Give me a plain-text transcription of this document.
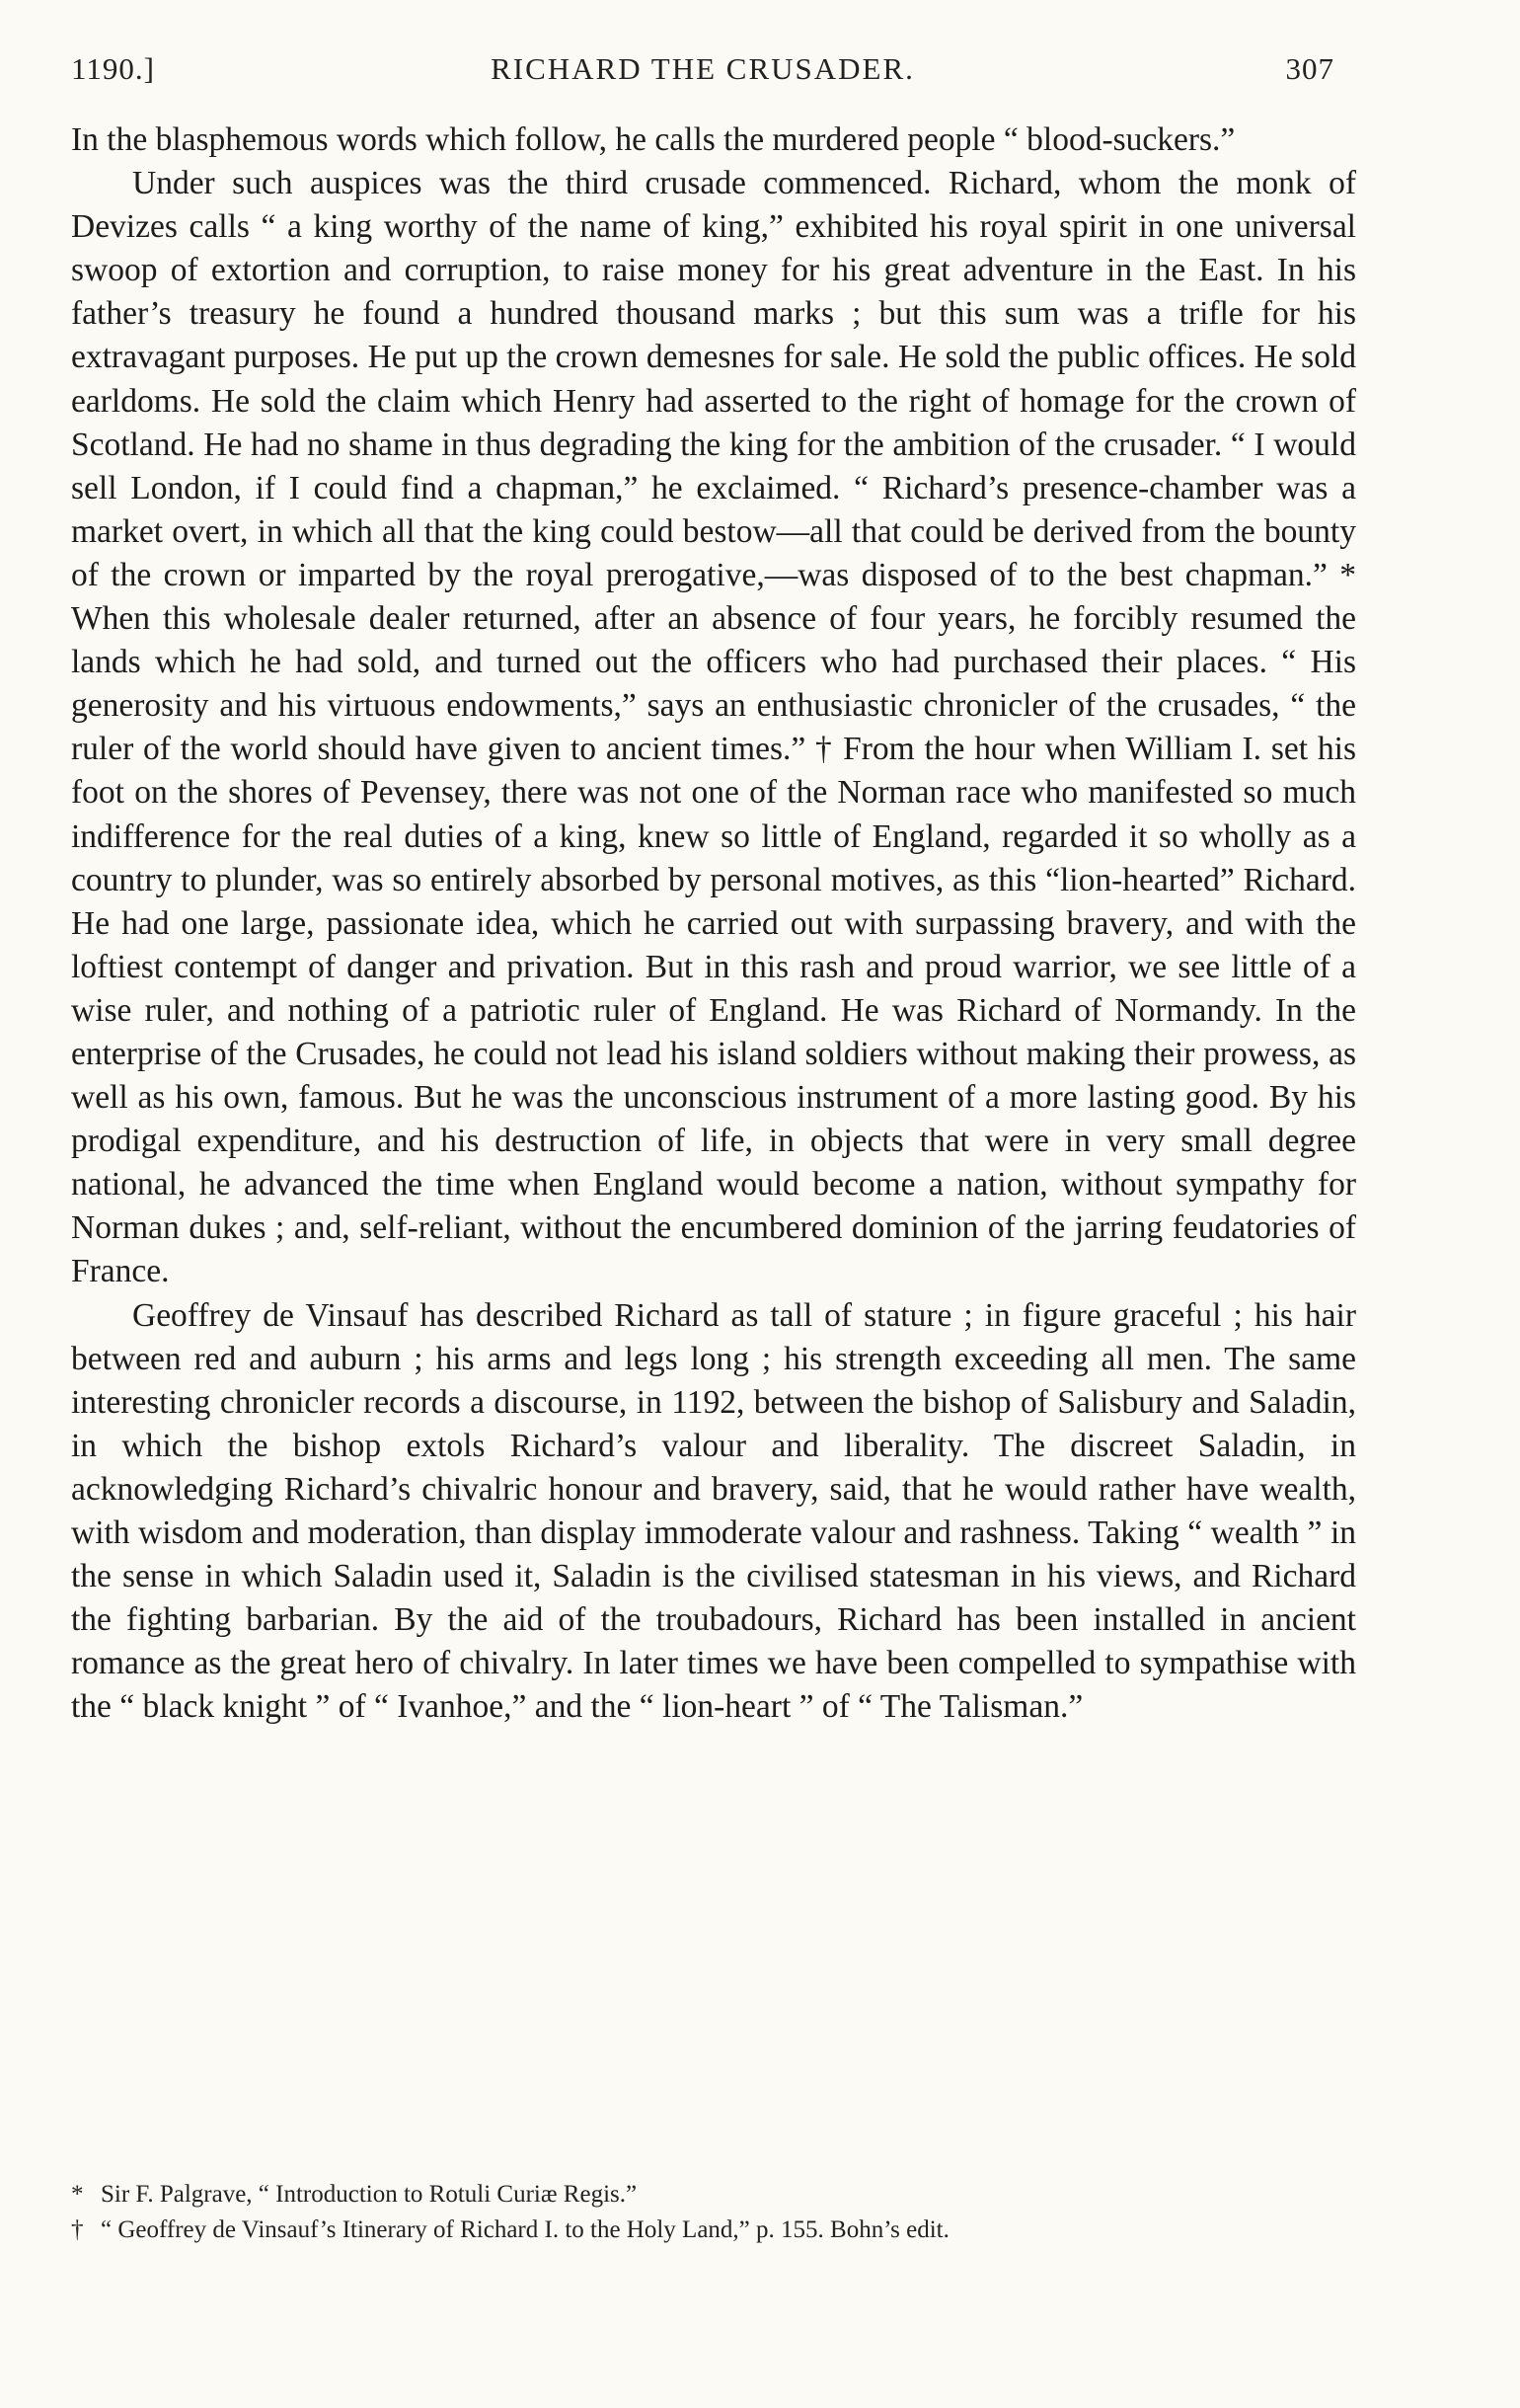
1190.]	RICHARD THE CRUSADER.	307

In the blasphemous words which follow, he calls the murdered people “ blood-suckers.”

Under such auspices was the third crusade commenced. Richard, whom the monk of Devizes calls “ a king worthy of the name of king,” exhibited his royal spirit in one universal swoop of extortion and corruption, to raise money for his great adventure in the East. In his father’s treasury he found a hundred thousand marks ; but this sum was a trifle for his extravagant purposes. He put up the crown demesnes for sale. He sold the public offices. He sold earldoms. He sold the claim which Henry had asserted to the right of homage for the crown of Scotland. He had no shame in thus degrading the king for the ambition of the crusader. “ I would sell London, if I could find a chapman,” he exclaimed. “ Richard’s presence-chamber was a market overt, in which all that the king could bestow—all that could be derived from the bounty of the crown or imparted by the royal prerogative,—was disposed of to the best chapman.” * When this wholesale dealer returned, after an absence of four years, he forcibly resumed the lands which he had sold, and turned out the officers who had purchased their places. “ His generosity and his virtuous endowments,” says an enthusiastic chronicler of the crusades, “ the ruler of the world should have given to ancient times.” † From the hour when William I. set his foot on the shores of Pevensey, there was not one of the Norman race who manifested so much indifference for the real duties of a king, knew so little of England, regarded it so wholly as a country to plunder, was so entirely absorbed by personal motives, as this “lion-hearted” Richard. He had one large, passionate idea, which he carried out with surpassing bravery, and with the loftiest contempt of danger and privation. But in this rash and proud warrior, we see little of a wise ruler, and nothing of a patriotic ruler of England. He was Richard of Normandy. In the enterprise of the Crusades, he could not lead his island soldiers without making their prowess, as well as his own, famous. But he was the unconscious instrument of a more lasting good. By his prodigal expenditure, and his destruction of life, in objects that were in very small degree national, he advanced the time when England would become a nation, without sympathy for Norman dukes ; and, self-reliant, without the encumbered dominion of the jarring feudatories of France.

Geoffrey de Vinsauf has described Richard as tall of stature ; in figure graceful ; his hair between red and auburn ; his arms and legs long ; his strength exceeding all men. The same interesting chronicler records a discourse, in 1192, between the bishop of Salisbury and Saladin, in which the bishop extols Richard’s valour and liberality. The discreet Saladin, in acknowledging Richard’s chivalric honour and bravery, said, that he would rather have wealth, with wisdom and moderation, than display immoderate valour and rashness. Taking “ wealth ” in the sense in which Saladin used it, Saladin is the civilised statesman in his views, and Richard the fighting barbarian. By the aid of the troubadours, Richard has been installed in ancient romance as the great hero of chivalry. In later times we have been compelled to sympathise with the “ black knight ” of “ Ivanhoe,” and the “ lion-heart ” of “ The Talisman.”

* Sir F. Palgrave, “ Introduction to Rotuli Curiæ Regis.”

† “ Geoffrey de Vinsauf’s Itinerary of Richard I. to the Holy Land,” p. 155. Bohn’s edit.
